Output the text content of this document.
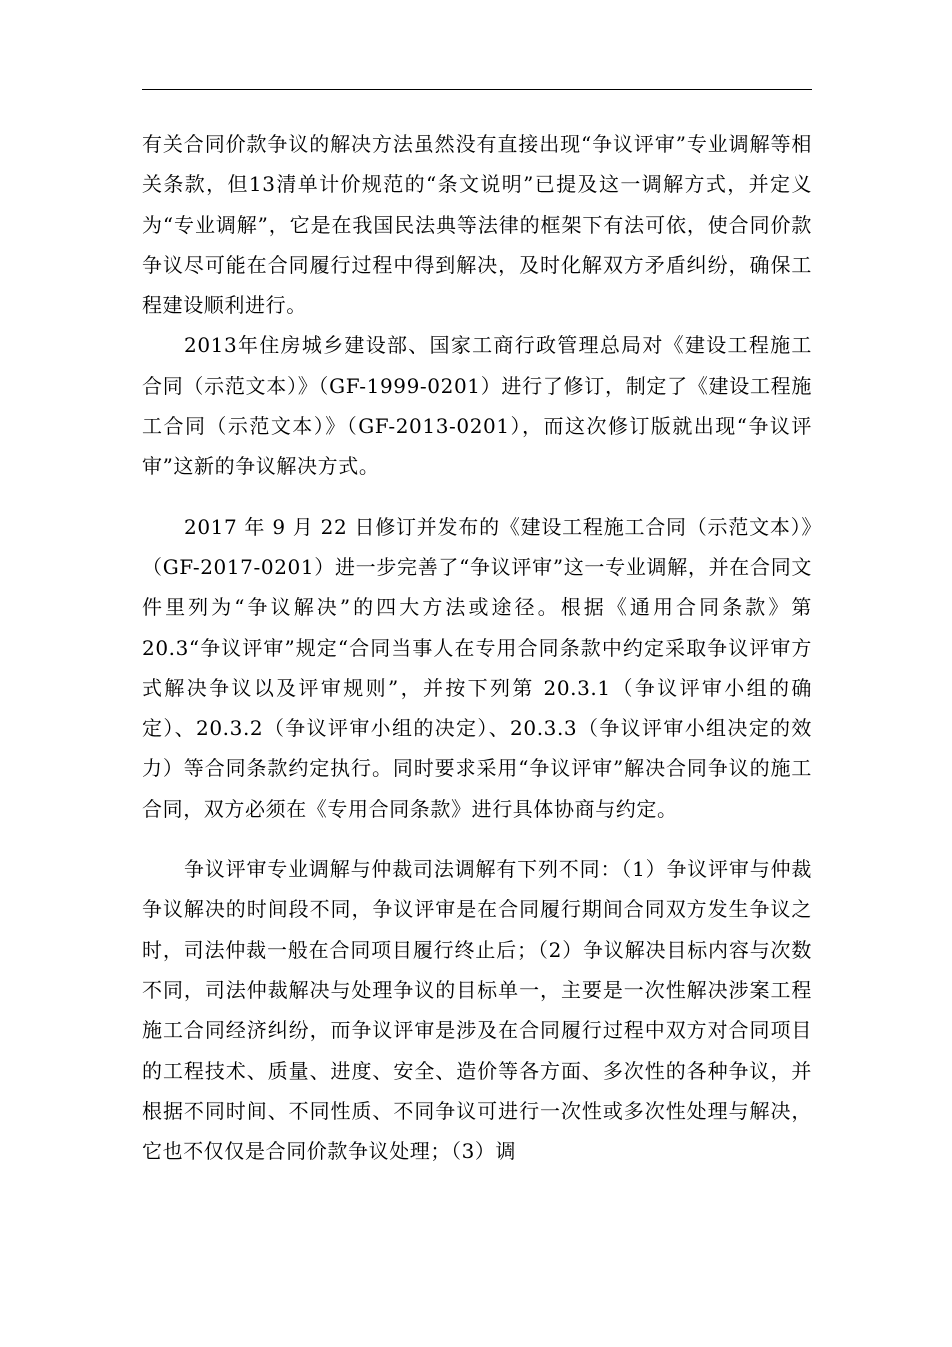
有关合同价款争议的解决方法虽然没有直接出现“争议评审”专业调解等相关条款，但13清单计价规范的“条文说明”已提及这一调解方式，并定义为“专业调解”，它是在我国民法典等法律的框架下有法可依，使合同价款争议尽可能在合同履行过程中得到解决，及时化解双方矛盾纠纷，确保工程建设顺利进行。

2013年住房城乡建设部、国家工商行政管理总局对《建设工程施工合同（示范文本）》（GF-1999-0201）进行了修订，制定了《建设工程施工合同（示范文本）》（GF-2013-0201），而这次修订版就出现“争议评审”这新的争议解决方式。

2017 年 9 月 22 日修订并发布的《建设工程施工合同（示范文本）》（GF-2017-0201）进一步完善了“争议评审”这一专业调解，并在合同文件里列为“争议解决”的四大方法或途径。根据《通用合同条款》第20.3“争议评审”规定“合同当事人在专用合同条款中约定采取争议评审方式解决争议以及评审规则”，并按下列第 20.3.1（争议评审小组的确定）、20.3.2（争议评审小组的决定）、20.3.3（争议评审小组决定的效力）等合同条款约定执行。同时要求采用“争议评审”解决合同争议的施工合同，双方必须在《专用合同条款》进行具体协商与约定。

争议评审专业调解与仲裁司法调解有下列不同：（1）争议评审与仲裁争议解决的时间段不同，争议评审是在合同履行期间合同双方发生争议之时，司法仲裁一般在合同项目履行终止后；（2）争议解决目标内容与次数不同，司法仲裁解决与处理争议的目标单一，主要是一次性解决涉案工程施工合同经济纠纷，而争议评审是涉及在合同履行过程中双方对合同项目的工程技术、质量、进度、安全、造价等各方面、多次性的各种争议，并根据不同时间、不同性质、不同争议可进行一次性或多次性处理与解决，它也不仅仅是合同价款争议处理；（3）调
